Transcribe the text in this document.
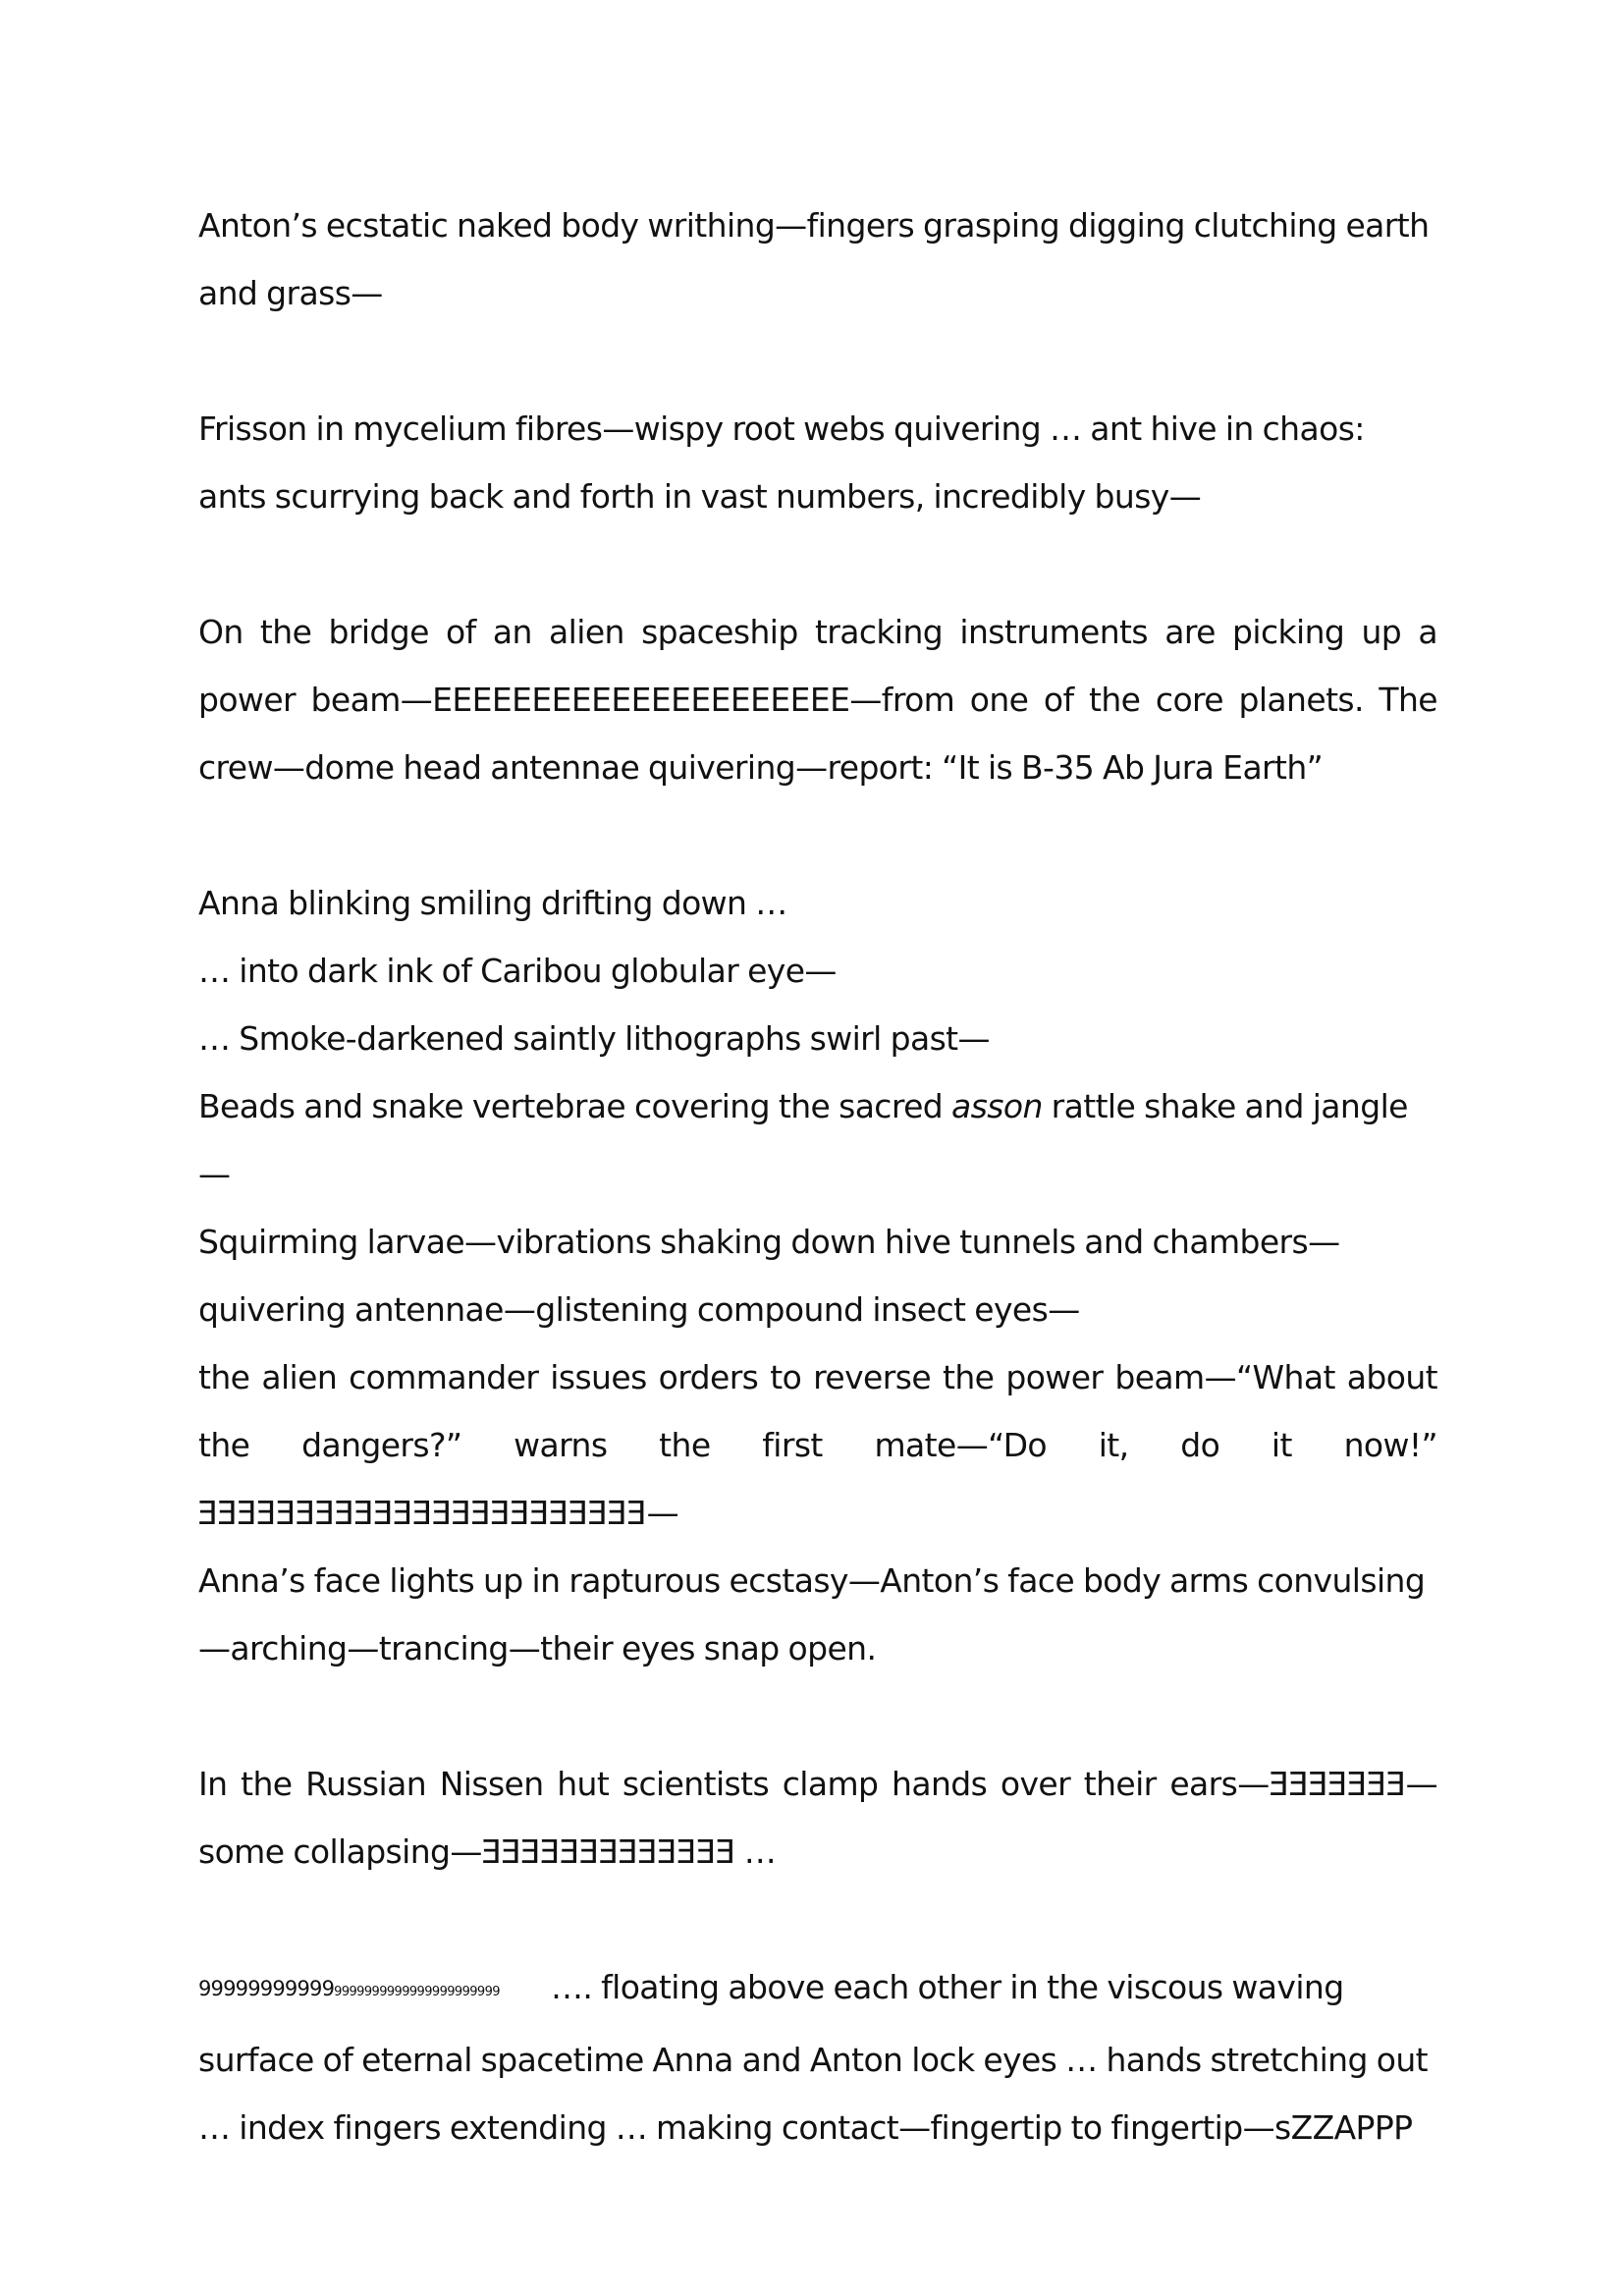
Anton’s ecstatic naked body writhing—fingers grasping digging clutching earth and grass—

Frisson in mycelium fibres—wispy root webs quivering … ant hive in chaos: ants scurrying back and forth in vast numbers, incredibly busy—

On the bridge of an alien spaceship tracking instruments are picking up a power beam—EEEEEEEEEEEEEEEEEEEEE—from one of the core planets. The crew—dome head antennae quivering—report: “It is B-35 Ab Jura Earth”

Anna blinking smiling drifting down …
… into dark ink of Caribou globular eye—
… Smoke-darkened saintly lithographs swirl past—
Beads and snake vertebrae covering the sacred asson rattle shake and jangle—
Squirming larvae—vibrations shaking down hive tunnels and chambers—quivering antennae—glistening compound insect eyes—
the alien commander issues orders to reverse the power beam—“What about the dangers?” warns the first mate—“Do it, do it now!” EEEEEEEEEEEEEEEEEEEEEEE—
Anna’s face lights up in rapturous ecstasy—Anton’s face body arms convulsing—arching—trancing—their eyes snap open.

In the Russian Nissen hut scientists clamp hands over their ears—EEEEEEE—some collapsing—EEEEEEEEEEEEE …

999999999999999999999999999999999 …. floating above each other in the viscous waving surface of eternal spacetime Anna and Anton lock eyes … hands stretching out … index fingers extending … making contact—fingertip to fingertip—sZZAPPP
